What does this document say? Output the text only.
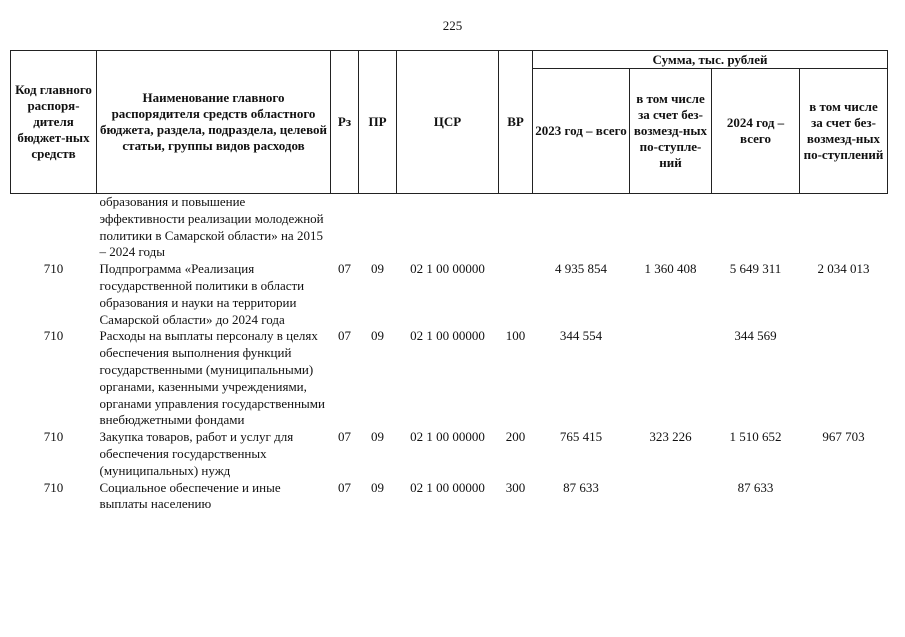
225
Код главного распоря-дителя бюджет-ных средств	Наименование главного распорядителя средств областного бюджета, раздела, подраздела, целевой статьи, группы видов расходов	Рз	ПР	ЦСР	ВР	Сумма, тыс. рублей			
						2023 год – всего	в том числе за счет без-возмезд-ных по-ступле-ний	2024 год – всего	в том числе за счет без-возмезд-ных по-ступлений
	образования и повышение эффективности реализации молодежной политики в Самарской области» на 2015 – 2024 годы								
710	Подпрограмма «Реализация государственной политики в области образования и науки на территории Самарской области» до 2024 года	07	09	02 1 00 00000		4 935 854	1 360 408	5 649 311	2 034 013
710	Расходы на выплаты персоналу в целях обеспечения выполнения функций государственными (муниципальными) органами, казенными учреждениями, органами управления государственными внебюджетными фондами	07	09	02 1 00 00000	100	344 554		344 569	
710	Закупка товаров, работ и услуг для обеспечения государственных (муниципальных) нужд	07	09	02 1 00 00000	200	765 415	323 226	1 510 652	967 703
710	Социальное обеспечение и иные выплаты населению	07	09	02 1 00 00000	300	87 633		87 633	
